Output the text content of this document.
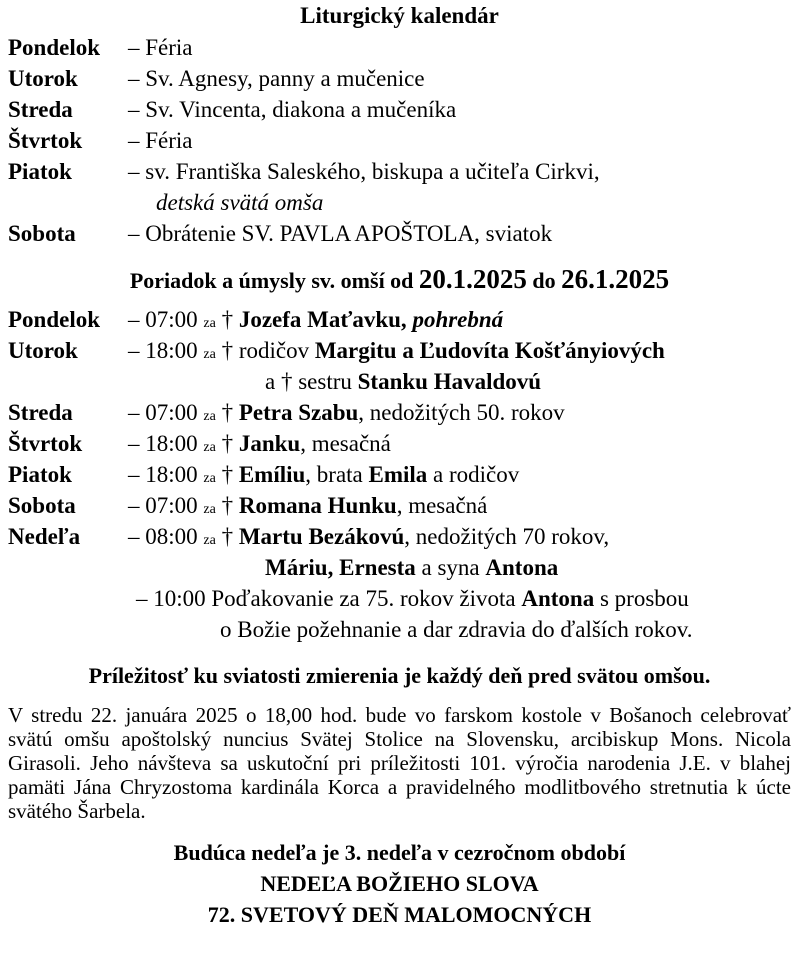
Liturgický kalendár
Pondelok	– Féria
Utorok	– Sv. Agnesy, panny a mučenice
Streda	– Sv. Vincenta, diakona a mučeníka
Štvrtok	– Féria
Piatok	– sv. Františka Saleského, biskupa a učiteľa Cirkvi,
detská svätá omša
Sobota	– Obrátenie SV. PAVLA APOŠTOLA, sviatok
Poriadok a úmysly sv. omší od 20.1.2025 do 26.1.2025
Pondelok	– 07:00 za † Jozefa Maťavku, pohrebná
Utorok	– 18:00 za † rodičov Margitu a Ľudovíta Košťányiových
a † sestru Stanku Havaldovú
Streda	– 07:00 za † Petra Szabu, nedožitých 50. rokov
Štvrtok	– 18:00 za † Janku, mesačná
Piatok	– 18:00 za † Emíliu, brata Emila a rodičov
Sobota	– 07:00 za † Romana Hunku, mesačná
Nedeľa	– 08:00 za † Martu Bezákovú, nedožitých 70 rokov,
Máriu, Ernesta a syna Antona
– 10:00 Poďakovanie za 75. rokov života Antona s prosbou
o Božie požehnanie a dar zdravia do ďalších rokov.
Príležitosť ku sviatosti zmierenia je každý deň pred svätou omšou.
V stredu 22. januára 2025 o 18,00 hod. bude vo farskom kostole v Bošanoch celebrovať svätú omšu apoštolský nuncius Svätej Stolice na Slovensku, arcibiskup Mons. Nicola Girasoli. Jeho návšteva sa uskutoční pri príležitosti 101. výročia narodenia J.E. v blahej pamäti Jána Chryzostoma kardinála Korca a pravidelného modlitbového stretnutia k úcte svätého Šarbela.
Budúca nedeľa je 3. nedeľa v cezročnom období
NEDEĽA BOŽIEHO SLOVA
72. SVETOVÝ DEŇ MALOMOCNÝCH
